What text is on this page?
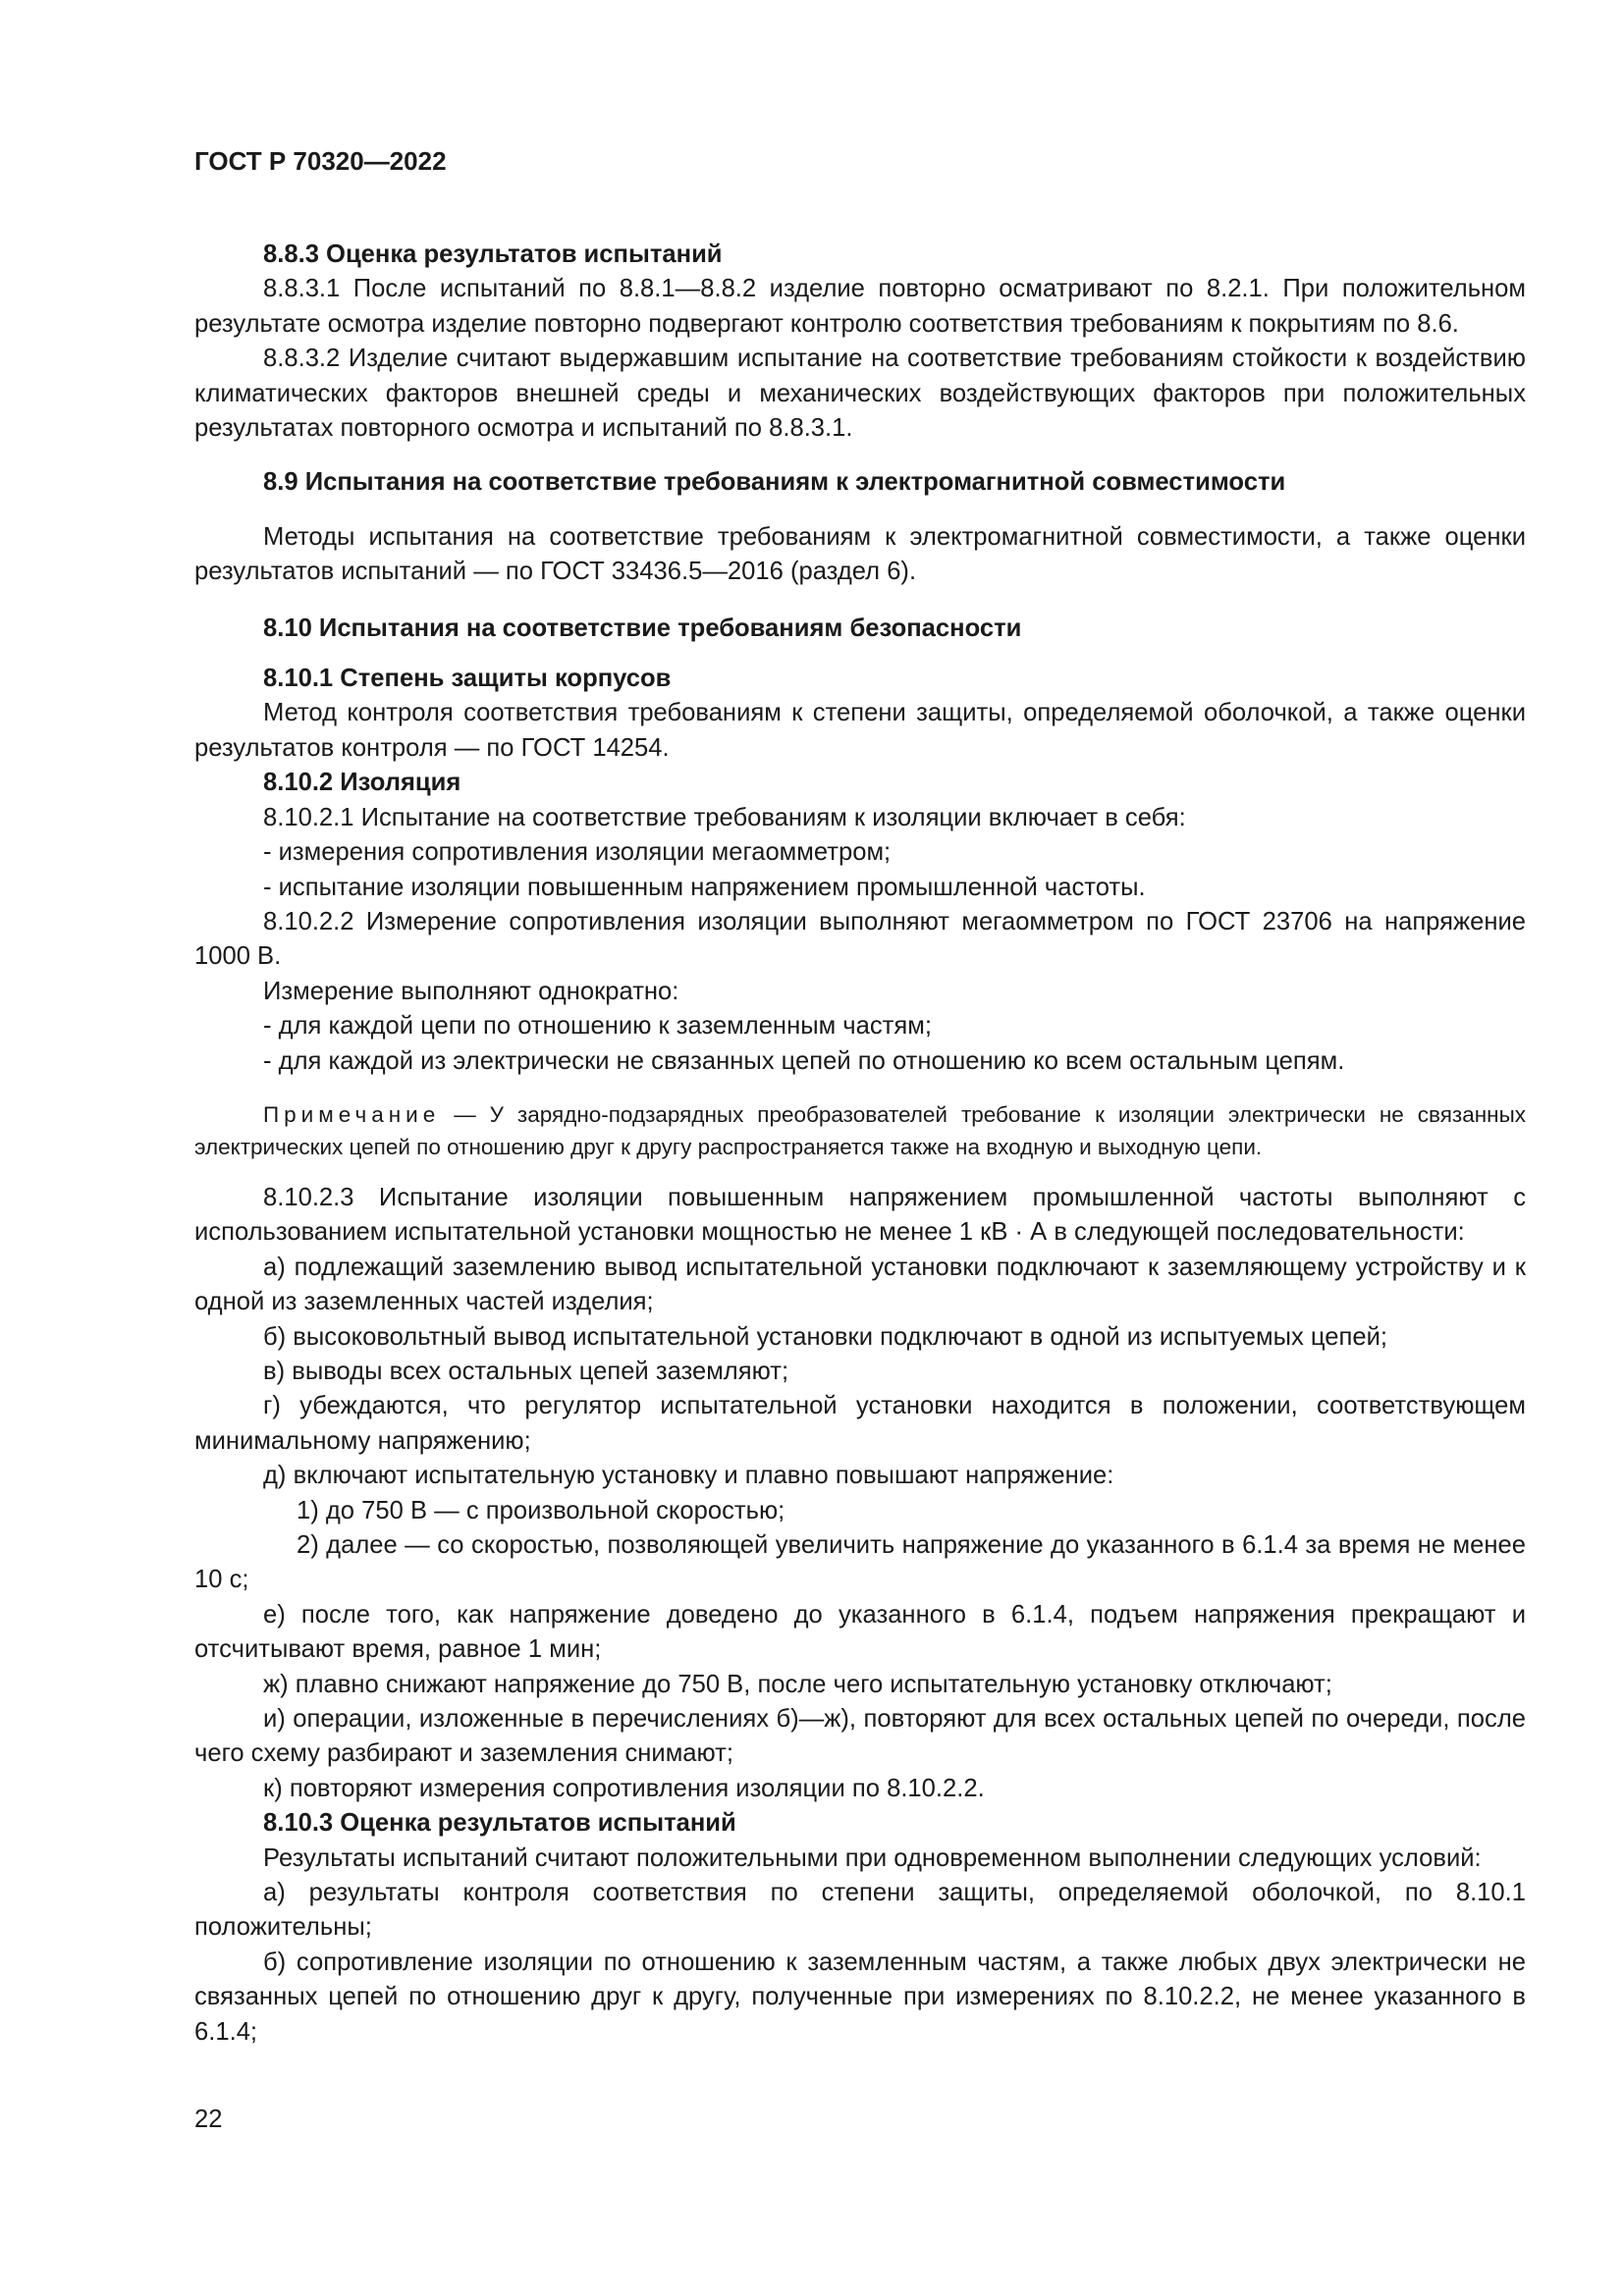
ГОСТ Р 70320—2022

8.8.3 Оценка результатов испытаний

8.8.3.1 После испытаний по 8.8.1—8.8.2 изделие повторно осматривают по 8.2.1. При положительном результате осмотра изделие повторно подвергают контролю соответствия требованиям к покрытиям по 8.6.

8.8.3.2 Изделие считают выдержавшим испытание на соответствие требованиям стойкости к воздействию климатических факторов внешней среды и механических воздействующих факторов при положительных результатах повторного осмотра и испытаний по 8.8.3.1.

8.9 Испытания на соответствие требованиям к электромагнитной совместимости

Методы испытания на соответствие требованиям к электромагнитной совместимости, а также оценки результатов испытаний — по ГОСТ 33436.5—2016 (раздел 6).

8.10 Испытания на соответствие требованиям безопасности

8.10.1 Степень защиты корпусов

Метод контроля соответствия требованиям к степени защиты, определяемой оболочкой, а также оценки результатов контроля — по ГОСТ 14254.

8.10.2 Изоляция

8.10.2.1 Испытание на соответствие требованиям к изоляции включает в себя:

- измерения сопротивления изоляции мегаомметром;

- испытание изоляции повышенным напряжением промышленной частоты.

8.10.2.2 Измерение сопротивления изоляции выполняют мегаомметром по ГОСТ 23706 на напряжение 1000 В.

Измерение выполняют однократно:

- для каждой цепи по отношению к заземленным частям;

- для каждой из электрически не связанных цепей по отношению ко всем остальным цепям.

Примечание — У зарядно-подзарядных преобразователей требование к изоляции электрически не связанных электрических цепей по отношению друг к другу распространяется также на входную и выходную цепи.

8.10.2.3 Испытание изоляции повышенным напряжением промышленной частоты выполняют с использованием испытательной установки мощностью не менее 1 кВ · А в следующей последовательности:

а) подлежащий заземлению вывод испытательной установки подключают к заземляющему устройству и к одной из заземленных частей изделия;

б) высоковольтный вывод испытательной установки подключают в одной из испытуемых цепей;

в) выводы всех остальных цепей заземляют;

г) убеждаются, что регулятор испытательной установки находится в положении, соответствующем минимальному напряжению;

д) включают испытательную установку и плавно повышают напряжение:

1) до 750 В — с произвольной скоростью;

2) далее — со скоростью, позволяющей увеличить напряжение до указанного в 6.1.4 за время не менее 10 с;

е) после того, как напряжение доведено до указанного в 6.1.4, подъем напряжения прекращают и отсчитывают время, равное 1 мин;

ж) плавно снижают напряжение до 750 В, после чего испытательную установку отключают;

и) операции, изложенные в перечислениях б)—ж), повторяют для всех остальных цепей по очереди, после чего схему разбирают и заземления снимают;

к) повторяют измерения сопротивления изоляции по 8.10.2.2.

8.10.3 Оценка результатов испытаний

Результаты испытаний считают положительными при одновременном выполнении следующих условий:

а) результаты контроля соответствия по степени защиты, определяемой оболочкой, по 8.10.1 положительны;

б) сопротивление изоляции по отношению к заземленным частям, а также любых двух электрически не связанных цепей по отношению друг к другу, полученные при измерениях по 8.10.2.2, не менее указанного в 6.1.4;

22
